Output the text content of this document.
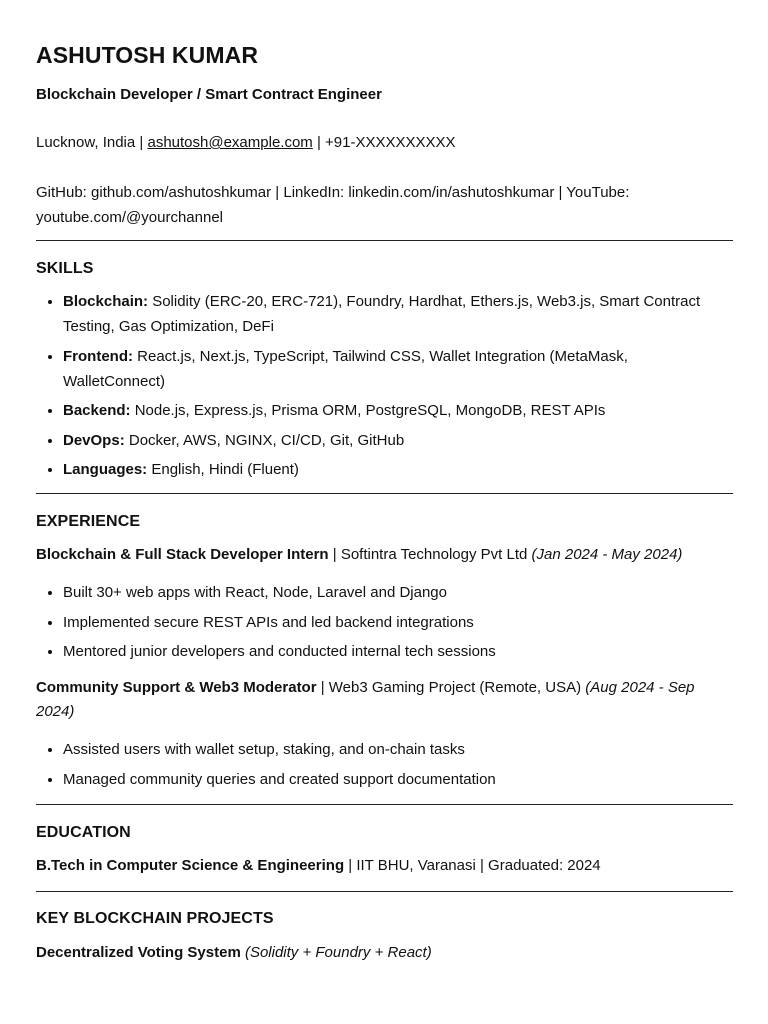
ASHUTOSH KUMAR

Blockchain Developer / Smart Contract Engineer

Lucknow, India | ashutosh@example.com | +91-XXXXXXXXXX

GitHub: github.com/ashutoshkumar | LinkedIn: linkedin.com/in/ashutoshkumar | YouTube: youtube.com/@yourchannel

SKILLS
• Blockchain: Solidity (ERC-20, ERC-721), Foundry, Hardhat, Ethers.js, Web3.js, Smart Contract Testing, Gas Optimization, DeFi
• Frontend: React.js, Next.js, TypeScript, Tailwind CSS, Wallet Integration (MetaMask, WalletConnect)
• Backend: Node.js, Express.js, Prisma ORM, PostgreSQL, MongoDB, REST APIs
• DevOps: Docker, AWS, NGINX, CI/CD, Git, GitHub
• Languages: English, Hindi (Fluent)
EXPERIENCE

Blockchain & Full Stack Developer Intern | Softintra Technology Pvt Ltd (Jan 2024 - May 2024)

• Built 30+ web apps with React, Node, Laravel and Django
• Implemented secure REST APIs and led backend integrations
• Mentored junior developers and conducted internal tech sessions

Community Support & Web3 Moderator | Web3 Gaming Project (Remote, USA) (Aug 2024 - Sep 2024)

• Assisted users with wallet setup, staking, and on-chain tasks
• Managed community queries and created support documentation
EDUCATION

B.Tech in Computer Science & Engineering | IIT BHU, Varanasi | Graduated: 2024

KEY BLOCKCHAIN PROJECTS

Decentralized Voting System (Solidity + Foundry + React)
